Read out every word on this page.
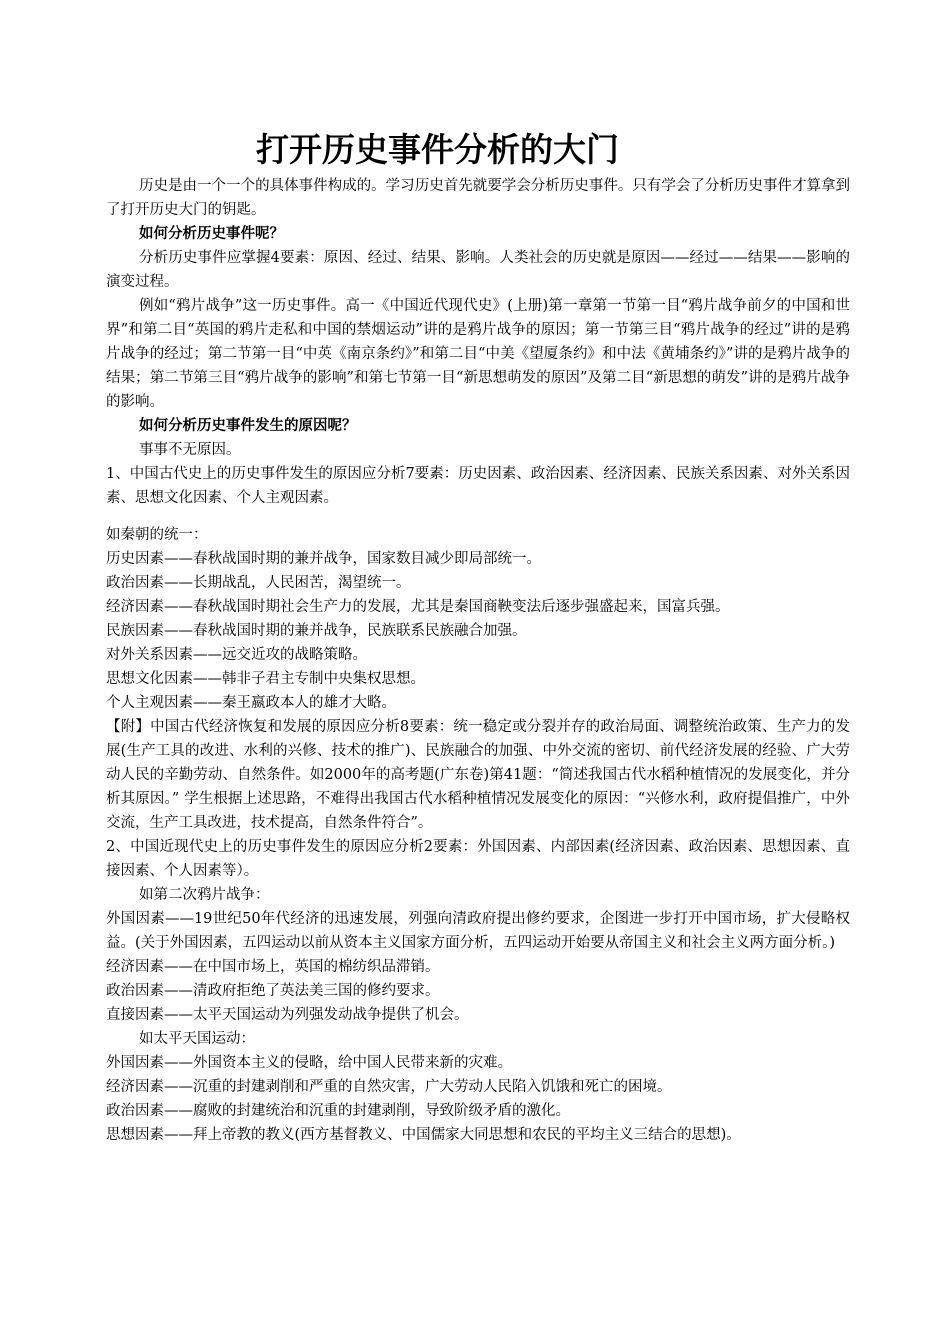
打开历史事件分析的大门

历史是由一个一个的具体事件构成的。学习历史首先就要学会分析历史事件。只有学会了分析历史事件才算拿到了打开历史大门的钥匙。

如何分析历史事件呢？

分析历史事件应掌握4要素：原因、经过、结果、影响。人类社会的历史就是原因——经过——结果——影响的演变过程。

例如“鸦片战争”这一历史事件。高一《中国近代现代史》(上册)第一章第一节第一目“鸦片战争前夕的中国和世界”和第二目“英国的鸦片走私和中国的禁烟运动”讲的是鸦片战争的原因；第一节第三目“鸦片战争的经过”讲的是鸦片战争的经过；第二节第一目“中英《南京条约》”和第二目“中美《望厦条约》和中法《黄埔条约》”讲的是鸦片战争的结果；第二节第三目“鸦片战争的影响”和第七节第一目“新思想萌发的原因”及第二目“新思想的萌发”讲的是鸦片战争的影响。

如何分析历史事件发生的原因呢？

事事不无原因。

1、中国古代史上的历史事件发生的原因应分析7要素：历史因素、政治因素、经济因素、民族关系因素、对外关系因素、思想文化因素、个人主观因素。

如秦朝的统一：

历史因素——春秋战国时期的兼并战争，国家数目减少即局部统一。

政治因素——长期战乱，人民困苦，渴望统一。

经济因素——春秋战国时期社会生产力的发展，尤其是秦国商鞅变法后逐步强盛起来，国富兵强。

民族因素——春秋战国时期的兼并战争，民族联系民族融合加强。

对外关系因素——远交近攻的战略策略。

思想文化因素——韩非子君主专制中央集权思想。

个人主观因素——秦王嬴政本人的雄才大略。

【附】中国古代经济恢复和发展的原因应分析8要素：统一稳定或分裂并存的政治局面、调整统治政策、生产力的发展(生产工具的改进、水利的兴修、技术的推广)、民族融合的加强、中外交流的密切、前代经济发展的经验、广大劳动人民的辛勤劳动、自然条件。如2000年的高考题(广东卷)第41题：“简述我国古代水稻种植情况的发展变化，并分析其原因。” 学生根据上述思路，不难得出我国古代水稻种植情况发展变化的原因：“兴修水利，政府提倡推广，中外交流，生产工具改进，技术提高，自然条件符合”。

2、中国近现代史上的历史事件发生的原因应分析2要素：外国因素、内部因素(经济因素、政治因素、思想因素、直接因素、个人因素等）。

如第二次鸦片战争：

外国因素——19世纪50年代经济的迅速发展，列强向清政府提出修约要求，企图进一步打开中国市场，扩大侵略权益。(关于外国因素，五四运动以前从资本主义国家方面分析，五四运动开始要从帝国主义和社会主义两方面分析。)

经济因素——在中国市场上，英国的棉纺织品滞销。

政治因素——清政府拒绝了英法美三国的修约要求。

直接因素——太平天国运动为列强发动战争提供了机会。

如太平天国运动：

外国因素——外国资本主义的侵略，给中国人民带来新的灾难。

经济因素——沉重的封建剥削和严重的自然灾害，广大劳动人民陷入饥饿和死亡的困境。

政治因素——腐败的封建统治和沉重的封建剥削，导致阶级矛盾的激化。

思想因素——拜上帝教的教义(西方基督教义、中国儒家大同思想和农民的平均主义三结合的思想)。
